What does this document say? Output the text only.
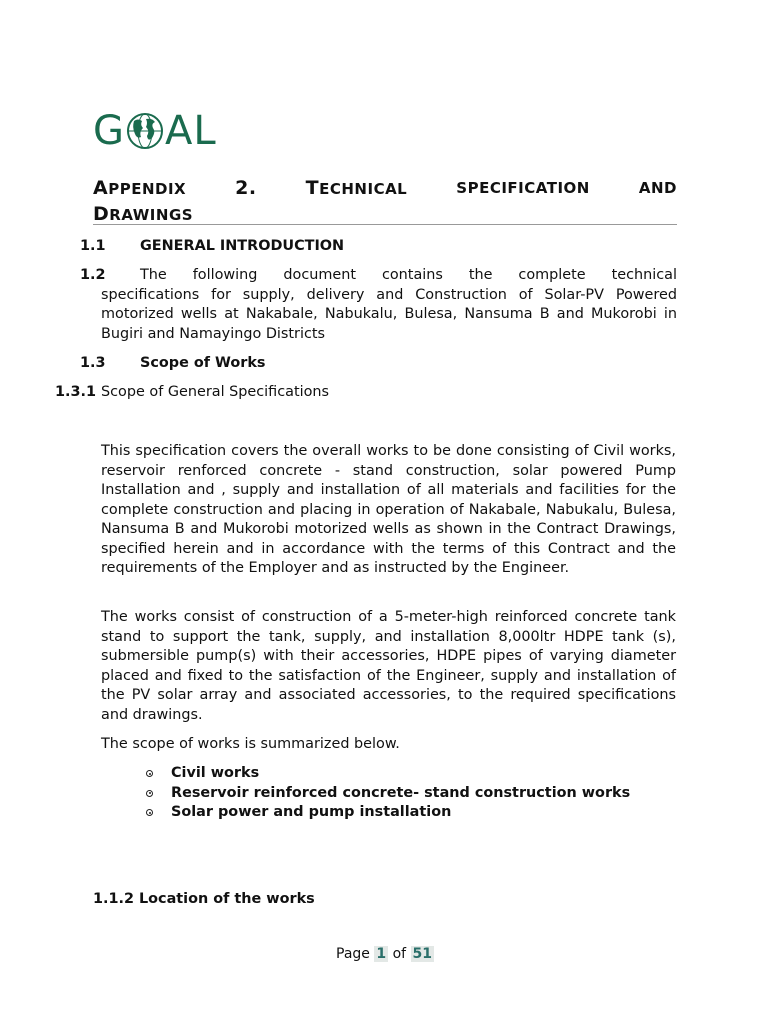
G AL
APPENDIX	2.	TECHNICAL	SPECIFICATION	AND
DRAWINGS
1.1 GENERAL INTRODUCTION
1.2	The following document contains the complete technical
specifications for supply, delivery and Construction of Solar-PV Powered motorized wells at Nakabale, Nabukalu, Bulesa, Nansuma B and Mukorobi in Bugiri and Namayingo Districts
1.3 Scope of Works
1.3.1 Scope of General Specifications
This specification covers the overall works to be done consisting of Civil works, reservoir renforced concrete - stand construction, solar powered Pump Installation and , supply and installation of all materials and facilities for the complete construction and placing in operation of Nakabale, Nabukalu, Bulesa, Nansuma B and Mukorobi motorized wells as shown in the Contract Drawings, specified herein and in accordance with the terms of this Contract and the requirements of the Employer and as instructed by the Engineer.
The works consist of construction of a 5-meter-high reinforced concrete tank stand to support the tank, supply, and installation 8,000ltr HDPE tank (s), submersible pump(s) with their accessories, HDPE pipes of varying diameter placed and fixed to the satisfaction of the Engineer, supply and installation of the PV solar array and associated accessories, to the required specifications and drawings.
The scope of works is summarized below.
Civil works
Reservoir reinforced concrete- stand construction works
Solar power and pump installation
1.1.2 Location of the works
Page 1 of 51
